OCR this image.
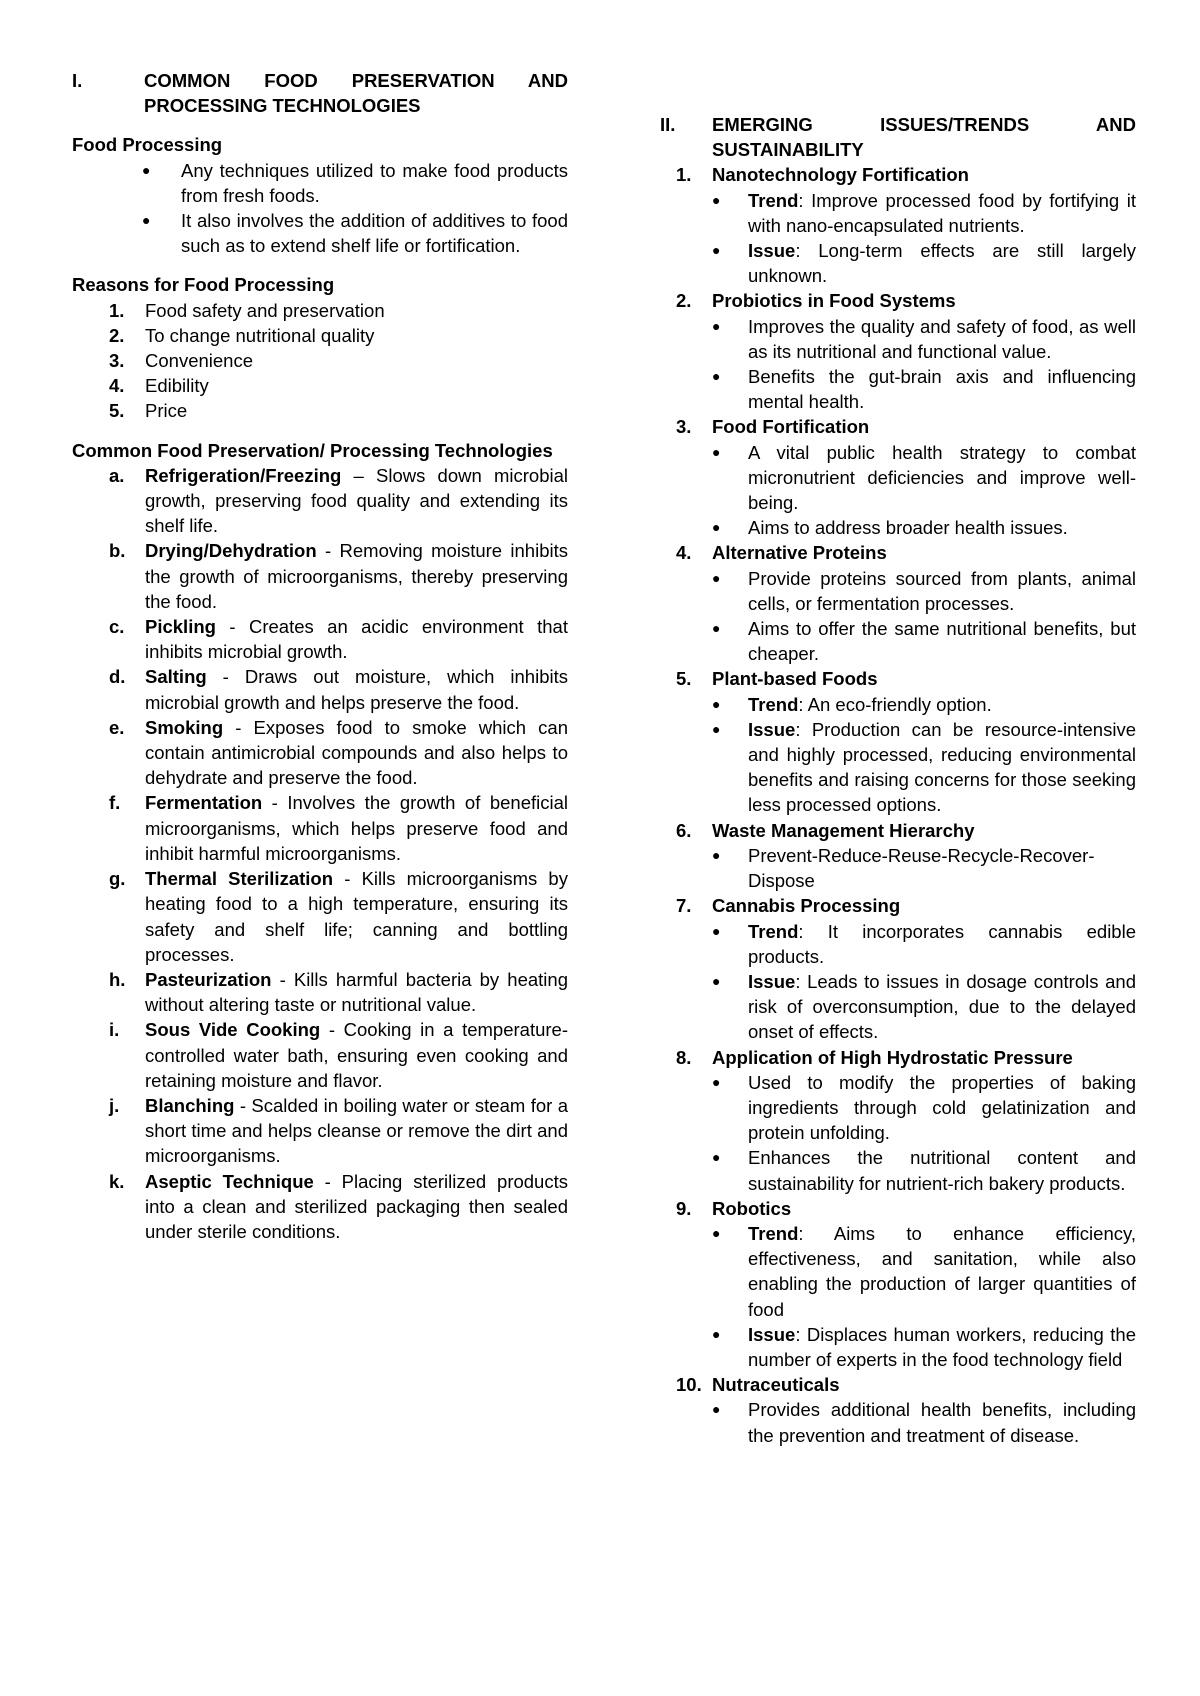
I.	COMMON FOOD PRESERVATION AND PROCESSING TECHNOLOGIES
Food Processing
● Any techniques utilized to make food products from fresh foods.
● It also involves the addition of additives to food such as to extend shelf life or fortification.
Reasons for Food Processing
1. Food safety and preservation
2. To change nutritional quality
3. Convenience
4. Edibility
5. Price
Common Food Preservation/ Processing Technologies
a. Refrigeration/Freezing – Slows down microbial growth, preserving food quality and extending its shelf life.
b. Drying/Dehydration - Removing moisture inhibits the growth of microorganisms, thereby preserving the food.
c. Pickling - Creates an acidic environment that inhibits microbial growth.
d. Salting - Draws out moisture, which inhibits microbial growth and helps preserve the food.
e. Smoking - Exposes food to smoke which can contain antimicrobial compounds and also helps to dehydrate and preserve the food.
f. Fermentation - Involves the growth of beneficial microorganisms, which helps preserve food and inhibit harmful microorganisms.
g. Thermal Sterilization - Kills microorganisms by heating food to a high temperature, ensuring its safety and shelf life; canning and bottling processes.
h. Pasteurization - Kills harmful bacteria by heating without altering taste or nutritional value.
i. Sous Vide Cooking - Cooking in a temperature-controlled water bath, ensuring even cooking and retaining moisture and flavor.
j. Blanching - Scalded in boiling water or steam for a short time and helps cleanse or remove the dirt and microorganisms.
k. Aseptic Technique - Placing sterilized products into a clean and sterilized packaging then sealed under sterile conditions.
II.	EMERGING ISSUES/TRENDS AND SUSTAINABILITY
1. Nanotechnology Fortification
● Trend: Improve processed food by fortifying it with nano-encapsulated nutrients.
● Issue: Long-term effects are still largely unknown.
2. Probiotics in Food Systems
● Improves the quality and safety of food, as well as its nutritional and functional value.
● Benefits the gut-brain axis and influencing mental health.
3. Food Fortification
● A vital public health strategy to combat micronutrient deficiencies and improve well-being.
● Aims to address broader health issues.
4. Alternative Proteins
● Provide proteins sourced from plants, animal cells, or fermentation processes.
● Aims to offer the same nutritional benefits, but cheaper.
5. Plant-based Foods
● Trend: An eco-friendly option.
● Issue: Production can be resource-intensive and highly processed, reducing environmental benefits and raising concerns for those seeking less processed options.
6. Waste Management Hierarchy
● Prevent-Reduce-Reuse-Recycle-Recover-Dispose
7. Cannabis Processing
● Trend: It incorporates cannabis edible products.
● Issue: Leads to issues in dosage controls and risk of overconsumption, due to the delayed onset of effects.
8. Application of High Hydrostatic Pressure
● Used to modify the properties of baking ingredients through cold gelatinization and protein unfolding.
● Enhances the nutritional content and sustainability for nutrient-rich bakery products.
9. Robotics
● Trend: Aims to enhance efficiency, effectiveness, and sanitation, while also enabling the production of larger quantities of food
● Issue: Displaces human workers, reducing the number of experts in the food technology field
10. Nutraceuticals
● Provides additional health benefits, including the prevention and treatment of disease.
